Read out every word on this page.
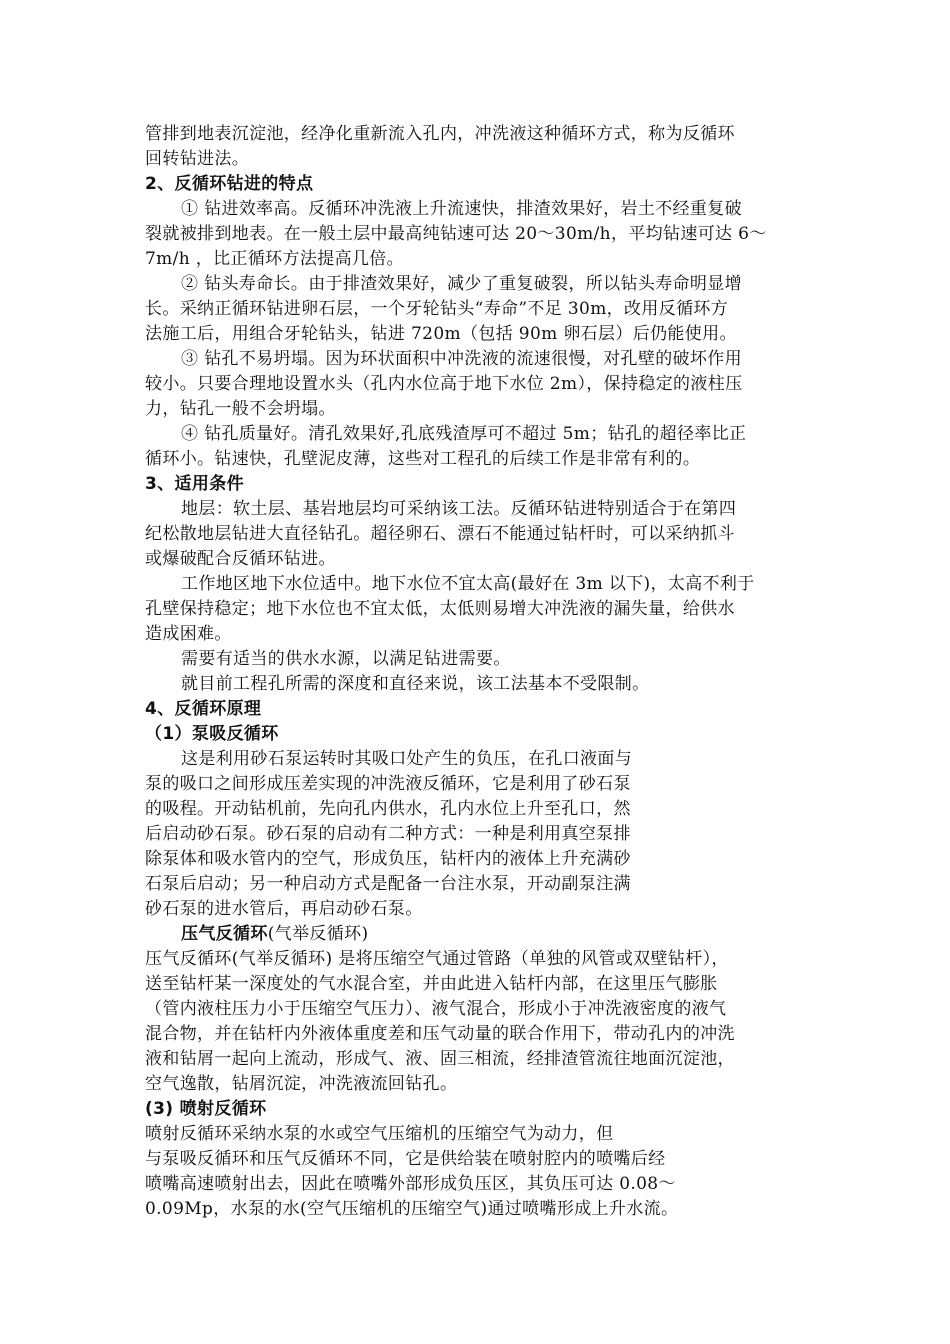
管排到地表沉淀池，经净化重新流入孔内，冲洗液这种循环方式，称为反循环
回转钻进法。
2、反循环钻进的特点
① 钻进效率高。反循环冲洗液上升流速快，排渣效果好，岩土不经重复破
裂就被排到地表。在一般土层中最高纯钻速可达 20～30m/h，平均钻速可达 6～
7m/h ，比正循环方法提高几倍。
② 钻头寿命长。由于排渣效果好，减少了重复破裂，所以钻头寿命明显增
长。采纳正循环钻进卵石层，一个牙轮钻头“寿命”不足 30m，改用反循环方
法施工后，用组合牙轮钻头，钻进 720m（包括 90m 卵石层）后仍能使用。
③ 钻孔不易坍塌。因为环状面积中冲洗液的流速很慢，对孔壁的破坏作用
较小。只要合理地设置水头（孔内水位高于地下水位 2m），保持稳定的液柱压
力，钻孔一般不会坍塌。
④ 钻孔质量好。清孔效果好,孔底残渣厚可不超过 5m；钻孔的超径率比正
循环小。钻速快，孔壁泥皮薄，这些对工程孔的后续工作是非常有利的。
3、适用条件
地层：软土层、基岩地层均可采纳该工法。反循环钻进特别适合于在第四
纪松散地层钻进大直径钻孔。超径卵石、漂石不能通过钻杆时，可以采纳抓斗
或爆破配合反循环钻进。
工作地区地下水位适中。地下水位不宜太高(最好在 3m 以下)，太高不利于
孔壁保持稳定；地下水位也不宜太低，太低则易增大冲洗液的漏失量，给供水
造成困难。
需要有适当的供水水源，以满足钻进需要。
就目前工程孔所需的深度和直径来说，该工法基本不受限制。
4、反循环原理
（1）泵吸反循环
这是利用砂石泵运转时其吸口处产生的负压，在孔口液面与
泵的吸口之间形成压差实现的冲洗液反循环，它是利用了砂石泵
的吸程。开动钻机前，先向孔内供水，孔内水位上升至孔口，然
后启动砂石泵。砂石泵的启动有二种方式：一种是利用真空泵排
除泵体和吸水管内的空气，形成负压，钻杆内的液体上升充满砂
石泵后启动；另一种启动方式是配备一台注水泵，开动副泵注满
砂石泵的进水管后，再启动砂石泵。
压气反循环(气举反循环)
压气反循环(气举反循环) 是将压缩空气通过管路（单独的风管或双壁钻杆），
送至钻杆某一深度处的气水混合室，并由此进入钻杆内部，在这里压气膨胀
（管内液柱压力小于压缩空气压力）、液气混合，形成小于冲洗液密度的液气
混合物，并在钻杆内外液体重度差和压气动量的联合作用下，带动孔内的冲洗
液和钻屑一起向上流动，形成气、液、固三相流，经排渣管流往地面沉淀池，
空气逸散，钻屑沉淀，冲洗液流回钻孔。
(3) 喷射反循环
喷射反循环采纳水泵的水或空气压缩机的压缩空气为动力，但
与泵吸反循环和压气反循环不同，它是供给装在喷射腔内的喷嘴后经
喷嘴高速喷射出去，因此在喷嘴外部形成负压区，其负压可达 0.08～
0.09Mp，水泵的水(空气压缩机的压缩空气)通过喷嘴形成上升水流。
